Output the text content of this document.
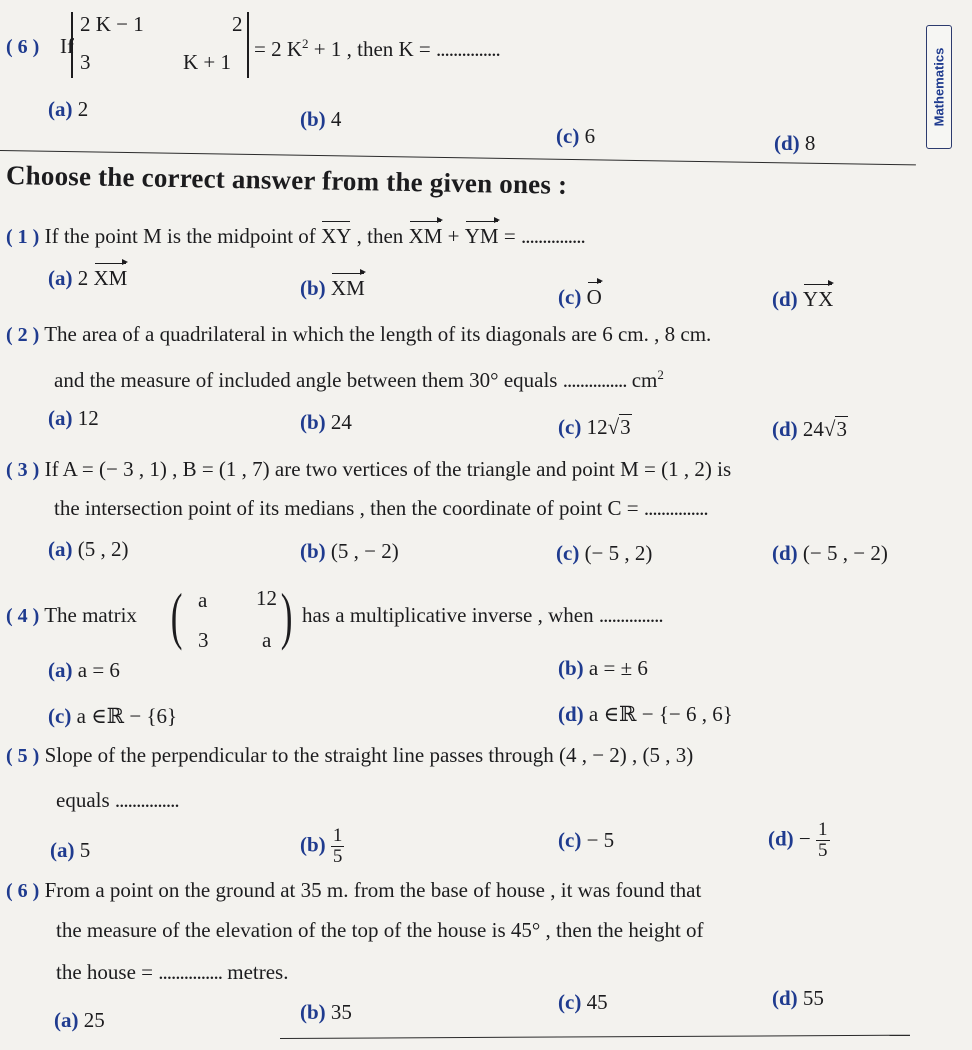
Mathematics
( 6 ) If
2 K − 1	2
3	K + 1
= 2 $K^2 + 1$ , then K = ...............
(a) 2	(b) 4
(c) 6	(d) 8
Choose the correct answer from the given ones :
( 1 ) If the point M is the midpoint of XY , then XM + YM = ...............
(a) 2 XM	(b) XM	(c) O	(d) YX
( 2 ) The area of a quadrilateral in which the length of its diagonals are 6 cm. , 8 cm.
and the measure of included angle between them 30° equals ............... $cm^2$
(a) 12	(b) 24	(c) 12√3	(d) 24√3
( 3 ) If A = (− 3 , 1) , B = (1 , 7) are two vertices of the triangle and point M = (1 , 2) is
the intersection point of its medians , then the coordinate of point C = ...............
(a) (5 , 2)	(b) (5 , − 2)	(c) (− 5 , 2)	(d) (− 5 , − 2)
( 4 ) The matrix ( a 12
3	a ) has a multiplicative inverse , when ...............
(a) a = 6	(b) a = ± 6
(c) a ∈ℝ − {6}	(d) a ∈ℝ − {− 6 , 6}
( 5 ) Slope of the perpendicular to the straight line passes through (4 , − 2) , (5 , 3)
equals ...............
(a) 5	$(b) \frac{1}{5}$	(c) − 5	$(d) - \frac{1}{5}$
( 6 ) From a point on the ground at 35 m. from the base of house , it was found that
the measure of the elevation of the top of the house is 45° , then the height of
the house = ............... metres.
(a) 25	(b) 35	(c) 45	(d) 55
